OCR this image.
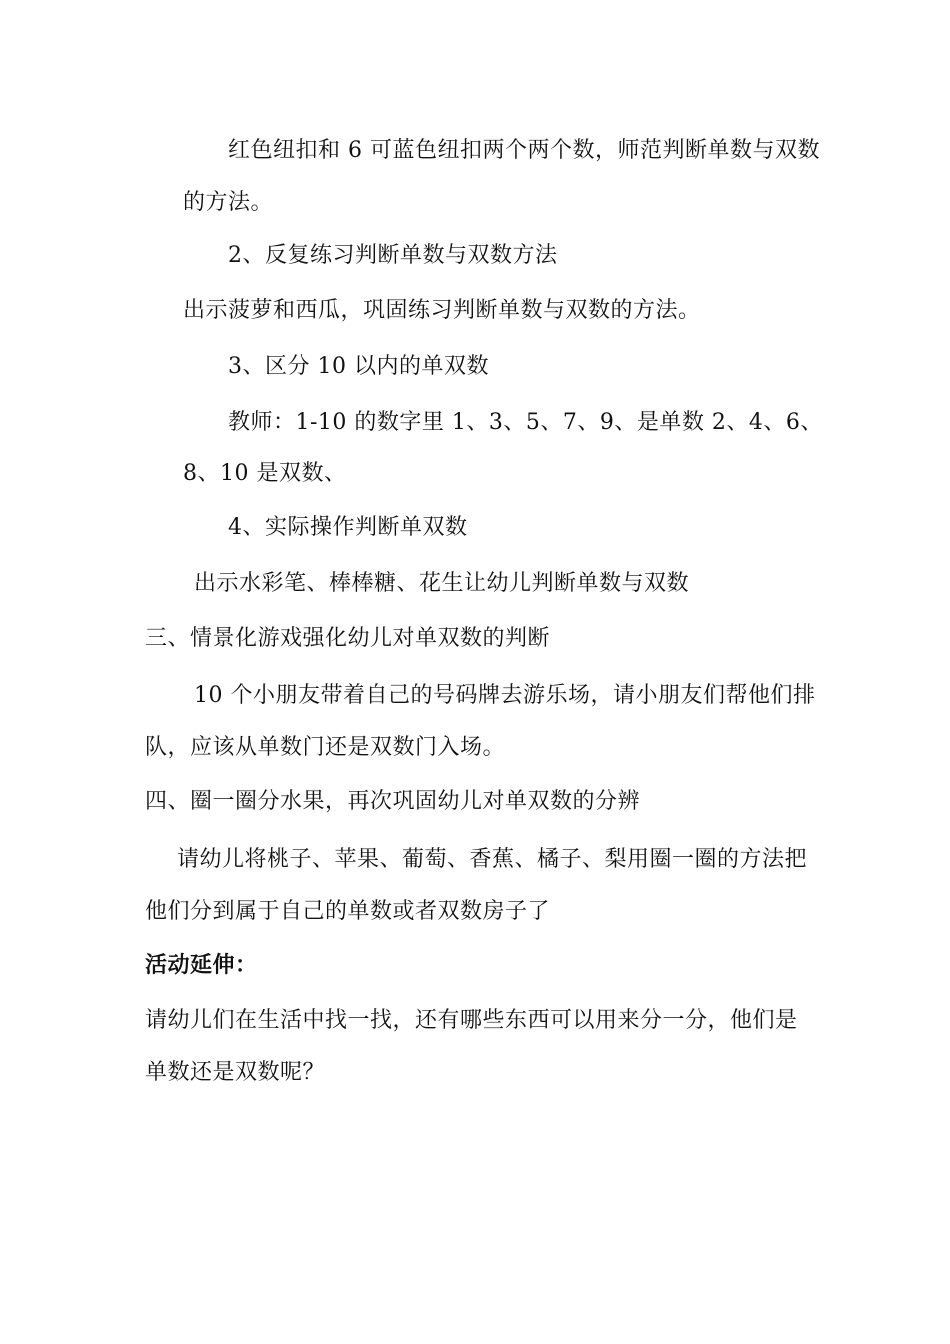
红色纽扣和 6 可蓝色纽扣两个两个数，师范判断单数与双数
的方法。
2、反复练习判断单数与双数方法
出示菠萝和西瓜，巩固练习判断单数与双数的方法。
3、区分 10 以内的单双数
教师：1-10 的数字里 1、3、5、7、9、是单数 2、4、6、
8、10 是双数、
4、实际操作判断单双数
出示水彩笔、棒棒糖、花生让幼儿判断单数与双数
三、情景化游戏强化幼儿对单双数的判断
10 个小朋友带着自己的号码牌去游乐场，请小朋友们帮他们排
队，应该从单数门还是双数门入场。
四、圈一圈分水果，再次巩固幼儿对单双数的分辨
请幼儿将桃子、苹果、葡萄、香蕉、橘子、梨用圈一圈的方法把
他们分到属于自己的单数或者双数房子了
活动延伸：
请幼儿们在生活中找一找，还有哪些东西可以用来分一分，他们是
单数还是双数呢？
